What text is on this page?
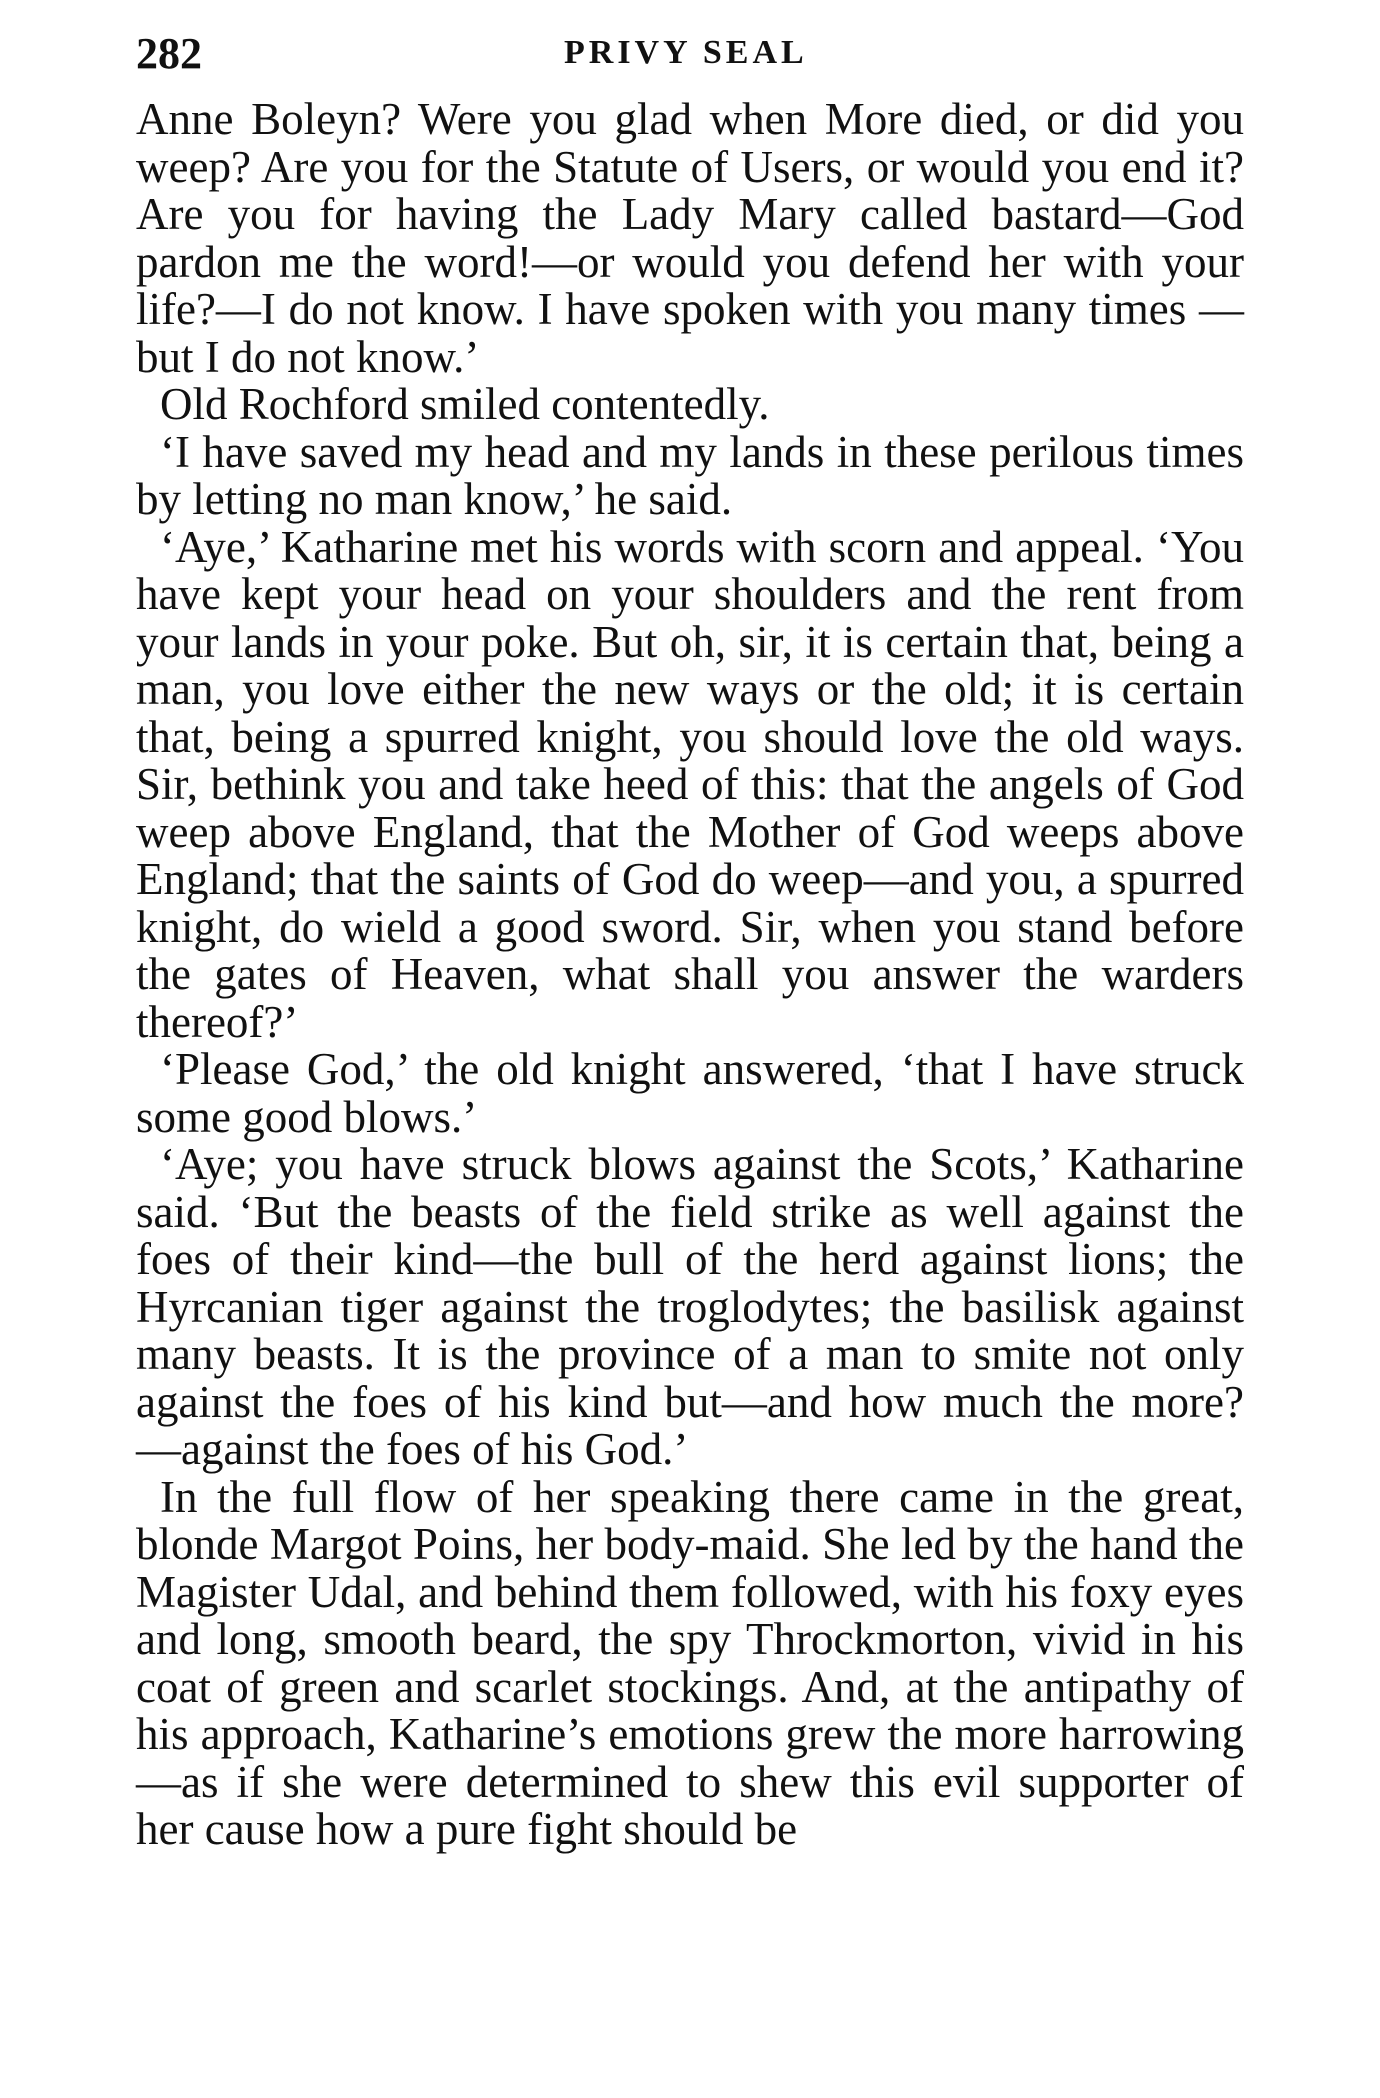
282	PRIVY SEAL

Anne Boleyn? Were you glad when More died, or did you weep? Are you for the Statute of Users, or would you end it? Are you for having the Lady Mary called bastard—God pardon me the word!—or would you defend her with your life?—I do not know. I have spoken with you many times —but I do not know.’

Old Rochford smiled contentedly.

‘I have saved my head and my lands in these perilous times by letting no man know,’ he said.

‘Aye,’ Katharine met his words with scorn and appeal. ‘You have kept your head on your shoulders and the rent from your lands in your poke. But oh, sir, it is certain that, being a man, you love either the new ways or the old; it is certain that, being a spurred knight, you should love the old ways. Sir, bethink you and take heed of this: that the angels of God weep above England, that the Mother of God weeps above England; that the saints of God do weep—and you, a spurred knight, do wield a good sword. Sir, when you stand before the gates of Heaven, what shall you answer the warders thereof?’

‘Please God,’ the old knight answered, ‘that I have struck some good blows.’

‘Aye; you have struck blows against the Scots,’ Katharine said. ‘But the beasts of the field strike as well against the foes of their kind—the bull of the herd against lions; the Hyrcanian tiger against the troglodytes; the basilisk against many beasts. It is the province of a man to smite not only against the foes of his kind but—and how much the more? —against the foes of his God.’

In the full flow of her speaking there came in the great, blonde Margot Poins, her body-maid. She led by the hand the Magister Udal, and behind them followed, with his foxy eyes and long, smooth beard, the spy Throckmorton, vivid in his coat of green and scarlet stockings. And, at the antipathy of his approach, Katharine’s emotions grew the more harrowing—as if she were determined to shew this evil supporter of her cause how a pure fight should be
